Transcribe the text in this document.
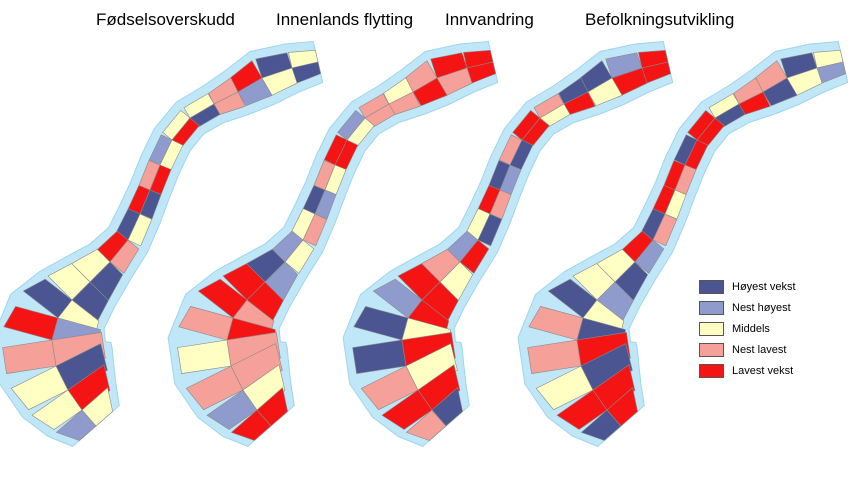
Fødselsoverskudd Innenlands flytting Innvandring	Befolkningsutvikling
Høyest vekst
Nest høyest
Middels
Nest lavest
Lavest vekst
